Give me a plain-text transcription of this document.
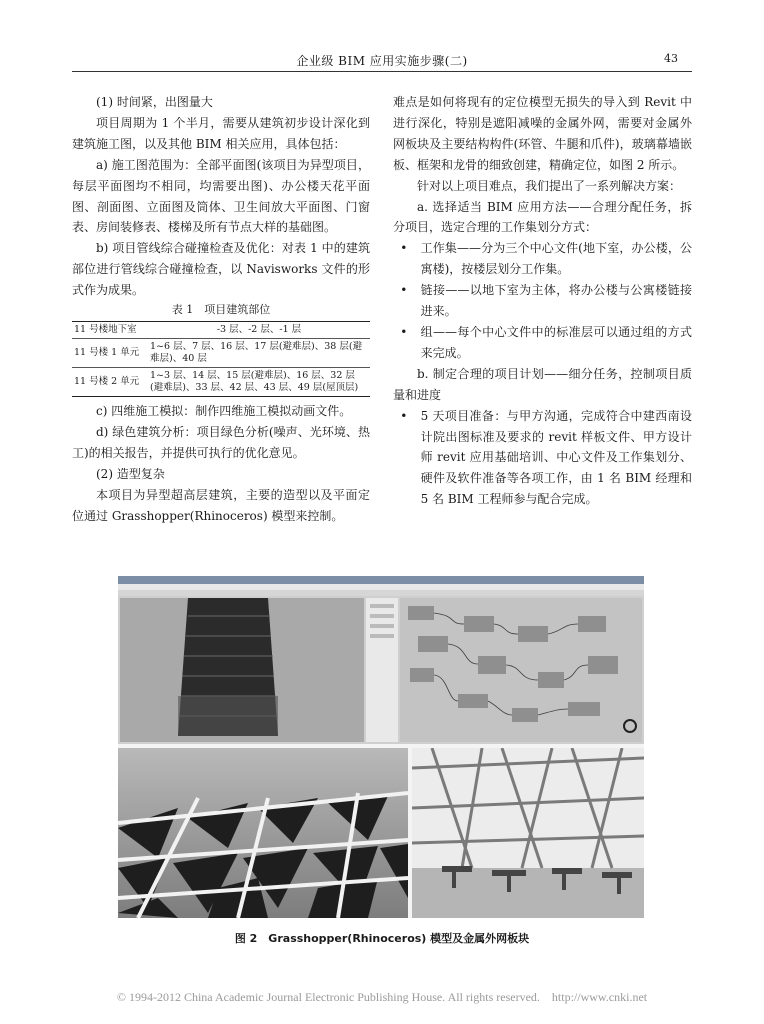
企业级 BIM 应用实施步骤(二)	43

(1) 时间紧，出图量大

项目周期为 1 个半月，需要从建筑初步设计深化到建筑施工图，以及其他 BIM 相关应用，具体包括：

a) 施工图范围为：全部平面图(该项目为异型项目，每层平面图均不相同，均需要出图)、办公楼天花平面图、剖面图、立面图及筒体、卫生间放大平面图、门窗表、房间装修表、楼梯及所有节点大样的基础图。

b) 项目管线综合碰撞检查及优化：对表 1 中的建筑部位进行管线综合碰撞检查，以 Navisworks 文件的形式作为成果。

表 1　项目建筑部位

11 号楼地下室	-3 层、-2 层、-1 层
11 号楼 1 单元	1~6 层、7 层、16 层、17 层(避难层)、38 层(避难层)、40 层
11 号楼 2 单元	1~3 层、14 层、15 层(避难层)、16 层、32 层(避难层)、33 层、42 层、43 层、49 层(屋顶层)

c) 四维施工模拟：制作四维施工模拟动画文件。

d) 绿色建筑分析：项目绿色分析(噪声、光环境、热工)的相关报告，并提供可执行的优化意见。

(2) 造型复杂

本项目为异型超高层建筑，主要的造型以及平面定位通过 Grasshopper(Rhinoceros) 模型来控制。

难点是如何将现有的定位模型无损失的导入到 Revit 中进行深化，特别是遮阳减噪的金属外网，需要对金属外网板块及主要结构构件(环管、牛腿和爪件)，玻璃幕墙嵌板、框架和龙骨的细致创建，精确定位，如图 2 所示。

针对以上项目难点，我们提出了一系列解决方案：

a. 选择适当 BIM 应用方法——合理分配任务，拆分项目，选定合理的工作集划分方式：

• 工作集——分为三个中心文件(地下室，办公楼，公寓楼)，按楼层划分工作集。

• 链接——以地下室为主体，将办公楼与公寓楼链接进来。

• 组——每个中心文件中的标准层可以通过组的方式来完成。

b. 制定合理的项目计划——细分任务，控制项目质量和进度

• 5 天项目准备：与甲方沟通，完成符合中建西南设计院出图标准及要求的 revit 样板文件、甲方设计师 revit 应用基础培训、中心文件及工作集划分、硬件及软件准备等各项工作，由 1 名 BIM 经理和 5 名 BIM 工程师参与配合完成。

图 2　Grasshopper(Rhinoceros) 模型及金属外网板块
© 1994-2012 China Academic Journal Electronic Publishing House. All rights reserved.　http://www.cnki.net
